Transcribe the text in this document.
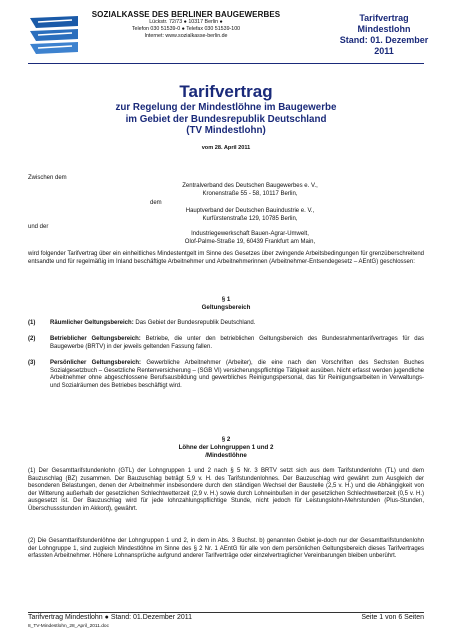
SOZIALKASSE DES BERLINER BAUGEWERBES
Lückstr. 72/73 ● 10317 Berlin ●
Telefon 030 51539-0 ● Telefax 030 51539-100
Internet: www.sozialkasse-berlin.de
Tarifvertrag
Mindestlohn
Stand: 01. Dezember 2011
Tarifvertrag
zur Regelung der Mindestlöhne im Baugewerbe
im Gebiet der Bundesrepublik Deutschland
(TV Mindestlohn)
vom 28. April 2011
Zwischen dem
Zentralverband des Deutschen Baugewerbes e. V.,
Kronenstraße 55 - 58, 10117 Berlin,
dem
Hauptverband der Deutschen Bauindustrie e. V.,
Kurfürstenstraße 129, 10785 Berlin,
und der
Industriegewerkschaft Bauen-Agrar-Umwelt,
Olof-Palme-Straße 19, 60439 Frankfurt am Main,
wird folgender Tarifvertrag über ein einheitliches Mindestentgelt im Sinne des Gesetzes über zwingende Arbeitsbedingungen für grenzüberschreitend entsandte und für regelmäßig im Inland beschäftigte Arbeitnehmer und Arbeitnehmerinnen (Arbeitnehmer-Entsendegesetz – AEntG) geschlossen:
§ 1
Geltungsbereich
(1) Räumlicher Geltungsbereich: Das Gebiet der Bundesrepublik Deutschland.
(2) Betrieblicher Geltungsbereich: Betriebe, die unter den betrieblichen Geltungsbereich des Bundesrahmentarifvertrages für das Baugewerbe (BRTV) in der jeweils geltenden Fassung fallen.
(3) Persönlicher Geltungsbereich: Gewerbliche Arbeitnehmer (Arbeiter), die eine nach den Vorschriften des Sechsten Buches Sozialgesetzbuch – Gesetzliche Rentenversicherung – (SGB VI) versicherungspflichtige Tätigkeit ausüben. Nicht erfasst werden jugendliche Arbeitnehmer ohne abgeschlossene Berufsausbildung und gewerbliches Reinigungspersonal, das für Reinigungsarbeiten in Verwaltungs- und Sozialräumen des Betriebes beschäftigt wird.
§ 2
Löhne der Lohngruppen 1 und 2
/Mindestlöhne
(1) Der Gesamttarifstundenlohn (GTL) der Lohngruppen 1 und 2 nach § 5 Nr. 3 BRTV setzt sich aus dem Tarifstundenlohn (TL) und dem Bauzuschlag (BZ) zusammen. Der Bauzuschlag beträgt 5,9 v. H. des Tarifstundenlohnes. Der Bauzuschlag wird gewährt zum Ausgleich der besonderen Belastungen, denen der Arbeitnehmer insbesondere durch den ständigen Wechsel der Baustelle (2,5 v. H.) und die Abhängigkeit von der Witterung außerhalb der gesetzlichen Schlechtwetterzeit (2,9 v. H.) sowie durch Lohneinbußen in der gesetzlichen Schlechtwetterzeit (0,5 v. H.) ausgesetzt ist. Der Bauzuschlag wird für jede lohnzahlungspflichtige Stunde, nicht jedoch für Leistungslohn-Mehrstunden (Plus-Stunden, Überschussstunden im Akkord), gewährt.
(2) Die Gesamttarifstundenlöhne der Lohngruppen 1 und 2, in dem in Abs. 3 Buchst. b) genannten Gebiet je-doch nur der Gesamttarifstundenlohn der Lohngruppe 1, sind zugleich Mindestlöhne im Sinne des § 2 Nr. 1 AEntG für alle von dem persönlichen Geltungsbereich dieses Tarifvertrages erfassten Arbeitnehmer. Höhere Lohnansprüche aufgrund anderer Tarifverträge oder einzelvertraglicher Vereinbarungen bleiben unberührt.
Tarifvertrag Mindestlohn ● Stand: 01.Dezember 2011	Seite 1 von 6 Seiten
8_TV-Mindestlohn_28_April_2011.doc
